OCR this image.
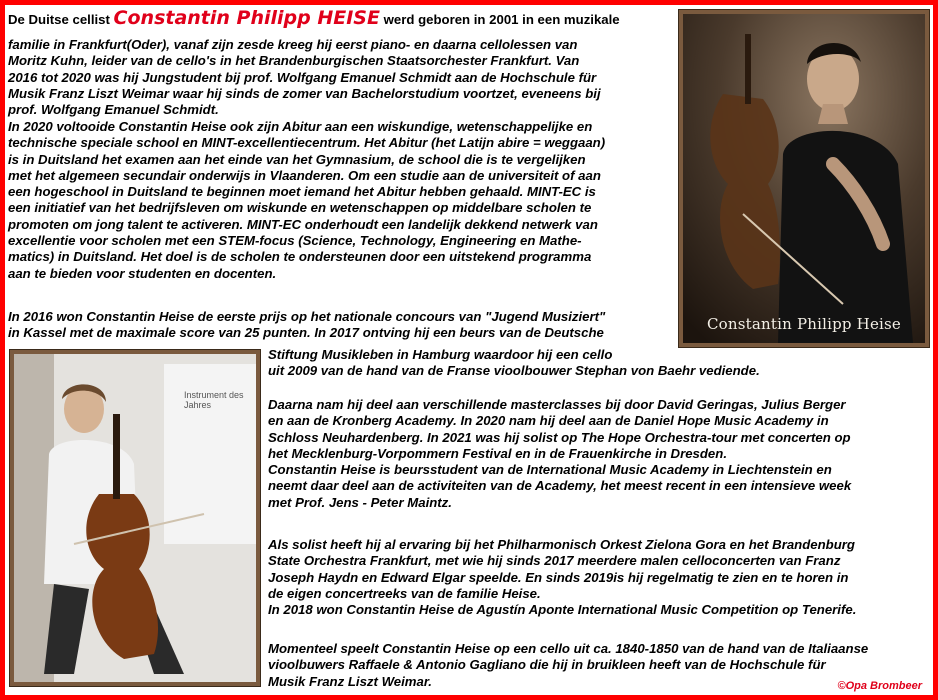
De Duitse cellist Constantin Philipp HEISE werd geboren in 2001 in een muzikale
familie in Frankfurt(Oder), vanaf zijn zesde kreeg hij eerst piano- en daarna cellolessen van
Moritz Kuhn, leider van de cello's in het Brandenburgischen Staatsorchester Frankfurt. Van
2016 tot 2020 was hij Jungstudent bij prof. Wolfgang Emanuel Schmidt aan de Hochschule für
Musik Franz Liszt Weimar waar hij sinds de zomer van Bachelorstudium voortzet, eveneens bij
prof. Wolfgang Emanuel Schmidt.
In 2020 voltooide Constantin Heise ook zijn Abitur aan een wiskundige, wetenschappelijke en
technische speciale school en MINT-excellentiecentrum. Het Abitur (het Latijn abire = weggaan)
is in Duitsland het examen aan het einde van het Gymnasium, de school die is te vergelijken
met het algemeen secundair onderwijs in Vlaanderen. Om een studie aan de universiteit of aan
een hogeschool in Duitsland te beginnen moet iemand het Abitur hebben gehaald. MINT-EC is
een initiatief van het bedrijfsleven om wiskunde en wetenschappen op middelbare scholen te
promoten om jong talent te activeren. MINT-EC onderhoudt een landelijk dekkend netwerk van
excellentie voor scholen met een STEM-focus (Science, Technology, Engineering en Mathe-
matics) in Duitsland. Het doel is de scholen te ondersteunen door een uitstekend programma
aan te bieden voor studenten en docenten.
In 2016 won Constantin Heise de eerste prijs op het nationale concours van "Jugend Musiziert"
in Kassel met de maximale score van 25 punten. In 2017 ontving hij een beurs van de Deutsche
Stiftung Musikleben in Hamburg waardoor hij een cello
uit 2009 van de hand van de Franse vioolbouwer Stephan von Baehr vediende.
Daarna nam hij deel aan verschillende masterclasses bij door David Geringas, Julius Berger
en aan de Kronberg Academy. In 2020 nam hij deel aan de Daniel Hope Music Academy in
Schloss Neuhardenberg. In 2021 was hij solist op The Hope Orchestra-tour met concerten op
het Mecklenburg-Vorpommern Festival en in de Frauenkirche in Dresden.
Constantin Heise is beursstudent van de International Music Academy in Liechtenstein en
neemt daar deel aan de activiteiten van de Academy, het meest recent in een intensieve week
met Prof. Jens - Peter Maintz.
Als solist heeft hij al ervaring bij het Philharmonisch Orkest Zielona Gora en het Brandenburg
State Orchestra Frankfurt, met wie hij sinds 2017 meerdere malen celloconcerten van Franz
Joseph Haydn en Edward Elgar speelde. En sinds 2019is hij regelmatig te zien en te horen in
de eigen concertreeks van de familie Heise.
In 2018 won Constantin Heise de Agustín Aponte International Music Competition op Tenerife.
Momenteel speelt Constantin Heise op een cello uit ca. 1840-1850 van de hand van de Italiaanse
vioolbuwers Raffaele & Antonio Gagliano die hij in bruikleen heeft van de Hochschule für
Musik Franz Liszt Weimar.
Constantin Philipp Heise
Instrument des Jahres
©Opa Brombeer
